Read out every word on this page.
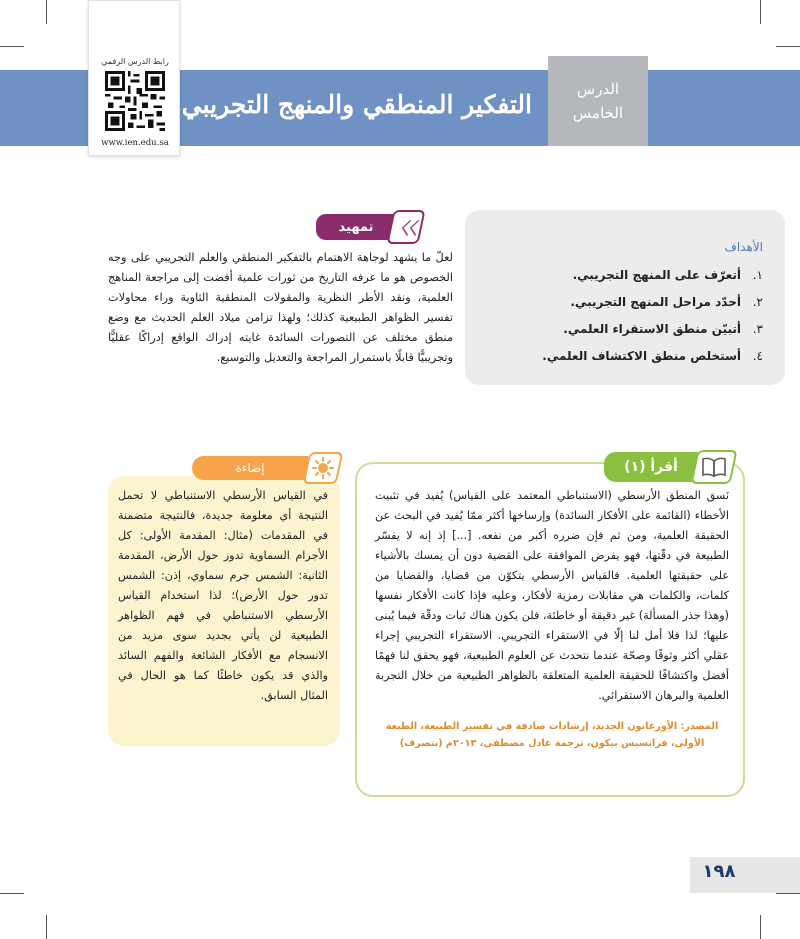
الدرس
الخامس
التفكير المنطقي والمنهج التجريبي
رابط الدرس الرقمي
www.ien.edu.sa
الأهداف
١.
أتعرّف على المنهج التجريبي.
٢.
أحدّد مراحل المنهج التجريبي.
٣.
أتبيّن منطق الاستقراء العلمي.
٤.
أستخلص منطق الاكتشاف العلمي.
تمهيد	〈〈

لعلّ ما يشهد لوجاهة الاهتمام بالتفكير المنطقي والعلم التجريبي على وجه الخصوص هو ما عرفه التاريخ من ثورات علمية أفضت إلى مراجعة المناهج العلمية، ونقد الأطر النظرية والمقولات المنطقية الثاوية وراء محاولات تفسير الظواهر الطبيعية كذلك؛ ولهذا تزامن ميلاد العلم الحديث مع وضع منطق مختلف عن التصورات السائدة غايته إدراك الواقع إدراكًا عقليًّا وتجريبيًّا قابلًا باستمرار المراجعة والتعديل والتوسيع.

في القياس الأرسطي الاستنباطي لا تحمل النتيجة أي معلومة جديدة، فالنتيجة متضمنة في المقدمات (مثال: المقدمة الأولى: كل الأجرام السماوية تدور حول الأرض، المقدمة الثانية: الشمس جرم سماوي، إذن: الشمس تدور حول الأرض)؛ لذا استخدام القياس الأرسطي الاستنباطي في فهم الظواهر الطبيعية لن يأتي بجديد سوى مزيد من الانسجام مع الأفكار الشائعة والفهم السائد والذي قد يكون خاطئًا كما هو الحال في المثال السابق.

إضاءة

نَسق المنطق الأرسطي (الاستنباطي المعتمد على القياس) يُفيد في تثبيت الأخطاء (القائمة على الأفكار السائدة) وإرساخها أكثر ممّا يُفيد في البحث عن الحقيقة العلمية، ومن ثم فإن ضرره أكبر من نفعه. [...] إذ إنه لا يفسّر الطبيعة في دقّتها، فهو يفرض الموافقة على القضية دون أن يمسك بالأشياء على حقيقتها العلمية. فالقياس الأرسطي يتكوّن من قضايا، والقضايا من كلمات، والكلمات هي مقابلات رمزية لأفكار، وعليه فإذا كانت الأفكار نفسها (وهذا جذر المسألة) غير دقيقة أو خاطئة، فلن يكون هناك ثبات ودقّة فيما يُبنى عليها؛ لذا فلا أمل لنا إلّا في الاستقراء التجريبي. الاستقراء التجريبي إجراء عقلي أكثر وثوقًا وصحّة عندما نتحدث عن العلوم الطبيعية، فهو يحقق لنا فهمًا أفضل واكتشافًا للحقيقة العلمية المتعلقة بالظواهر الطبيعية من خلال التجربة العلمية والبرهان الاستقرائي.

المصدر: الأورغانون الجديد، إرشادات صادقة في تفسير الطبيعة، الطبعة الأولى، فرانسيس بيكون، ترجمة عادل مصطفى، ٢٠١٣م (بتصرف)

أقرأ (١)
١٩٨
